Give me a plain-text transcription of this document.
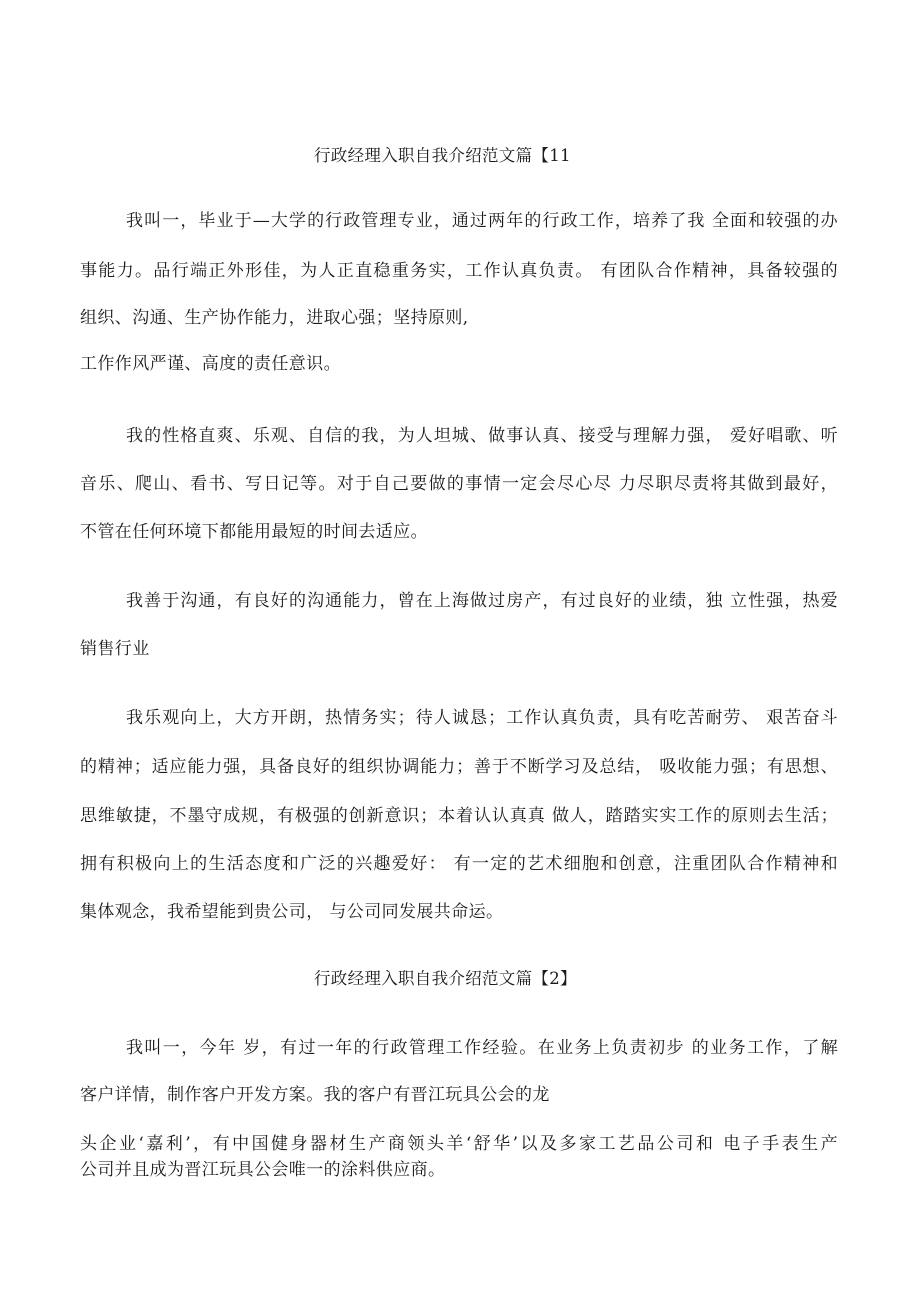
行政经理入职自我介绍范文篇【11
我叫一，毕业于—大学的行政管理专业，通过两年的行政工作，培养了我 全面和较强的办
事能力。品行端正外形佳，为人正直稳重务实，工作认真负责。 有团队合作精神，具备较强的
组织、沟通、生产协作能力，进取心强；坚持原则,
工作作风严谨、高度的责任意识。
我的性格直爽、乐观、自信的我，为人坦城、做事认真、接受与理解力强， 爱好唱歌、听
音乐、爬山、看书、写日记等。对于自己要做的事情一定会尽心尽 力尽职尽责将其做到最好，
不管在任何环境下都能用最短的时间去适应。
我善于沟通，有良好的沟通能力，曾在上海做过房产，有过良好的业绩，独 立性强，热爱
销售行业
我乐观向上，大方开朗，热情务实；待人诚恳；工作认真负责，具有吃苦耐劳、 艰苦奋斗
的精神；适应能力强，具备良好的组织协调能力；善于不断学习及总结， 吸收能力强；有思想、
思维敏捷，不墨守成规，有极强的创新意识；本着认认真真 做人，踏踏实实工作的原则去生活；
拥有积极向上的生活态度和广泛的兴趣爱好： 有一定的艺术细胞和创意，注重团队合作精神和
集体观念，我希望能到贵公司， 与公司同发展共命运。
行政经理入职自我介绍范文篇【2】
我叫一，今年 岁，有过一年的行政管理工作经验。在业务上负责初步 的业务工作，了解
客户详情，制作客户开发方案。我的客户有晋江玩具公会的龙
头企业‘嘉利’，有中国健身器材生产商领头羊‘舒华’以及多家工艺品公司和 电子手表生产
公司并且成为晋江玩具公会唯一的涂料供应商。
